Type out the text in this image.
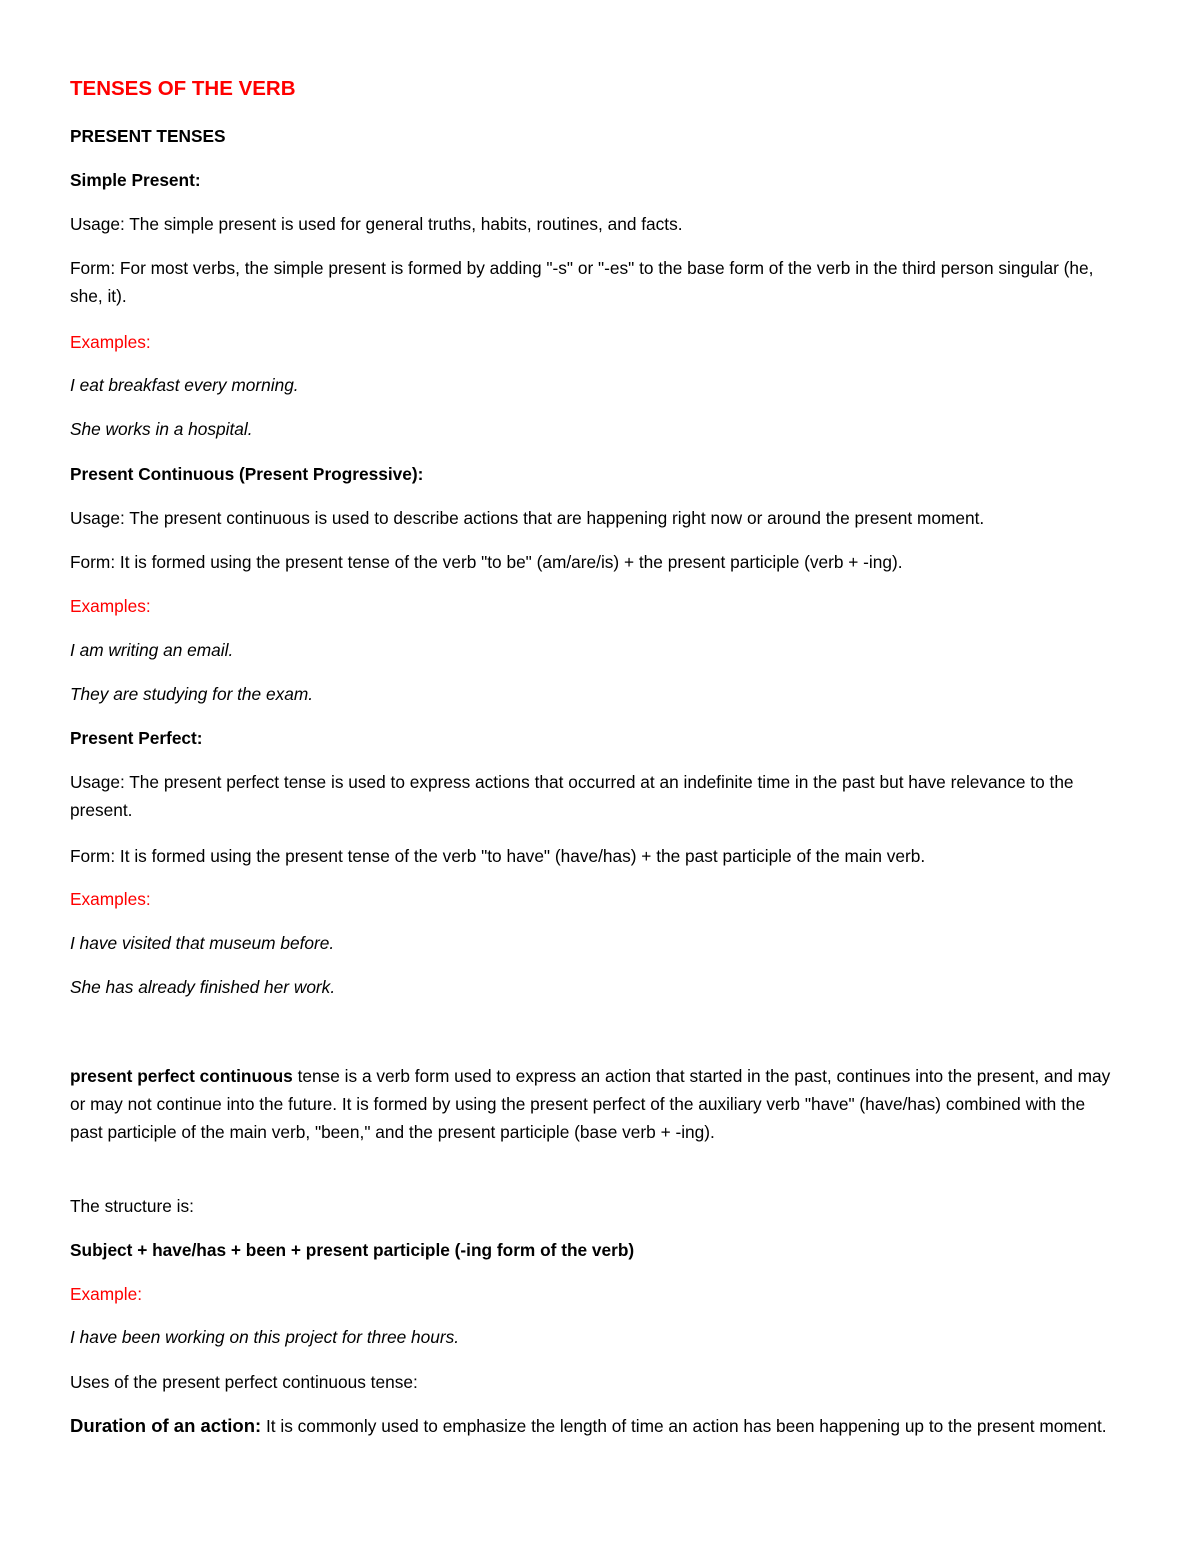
TENSES OF THE VERB
PRESENT TENSES
Simple Present:
Usage: The simple present is used for general truths, habits, routines, and facts.
Form: For most verbs, the simple present is formed by adding "-s" or "-es" to the base form of the verb in the third person singular (he, she, it).
Examples:
I eat breakfast every morning.
She works in a hospital.
Present Continuous (Present Progressive):
Usage: The present continuous is used to describe actions that are happening right now or around the present moment.
Form: It is formed using the present tense of the verb "to be" (am/are/is) + the present participle (verb + -ing).
Examples:
I am writing an email.
They are studying for the exam.
Present Perfect:
Usage: The present perfect tense is used to express actions that occurred at an indefinite time in the past but have relevance to the present.
Form: It is formed using the present tense of the verb "to have" (have/has) + the past participle of the main verb.
Examples:
I have visited that museum before.
She has already finished her work.
present perfect continuous tense is a verb form used to express an action that started in the past, continues into the present, and may or may not continue into the future. It is formed by using the present perfect of the auxiliary verb "have" (have/has) combined with the past participle of the main verb, "been," and the present participle (base verb + -ing).
The structure is:
Subject + have/has + been + present participle (-ing form of the verb)
Example:
I have been working on this project for three hours.
Uses of the present perfect continuous tense:
Duration of an action: It is commonly used to emphasize the length of time an action has been happening up to the present moment.
